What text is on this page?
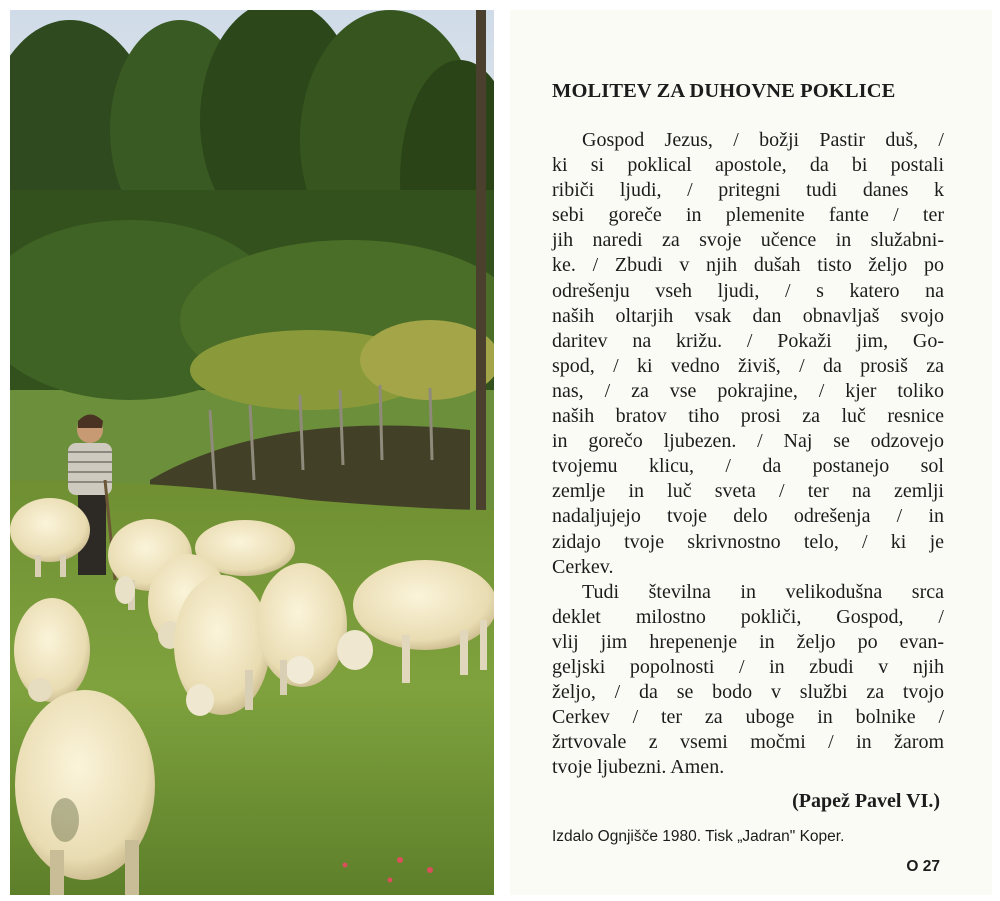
MOLITEV ZA DUHOVNE POKLICE
Gospod Jezus, / božji Pastir duš, /
ki si poklical apostole, da bi postali
ribiči ljudi, / pritegni tudi danes k
sebi goreče in plemenite fante / ter
jih naredi za svoje učence in služabni-
ke. / Zbudi v njih dušah tisto željo po
odrešenju vseh ljudi, / s katero na
naših oltarjih vsak dan obnavljaš svojo
daritev na križu. / Pokaži jim, Go-
spod, / ki vedno živiš, / da prosiš za
nas, / za vse pokrajine, / kjer toliko
naših bratov tiho prosi za luč resnice
in gorečo ljubezen. / Naj se odzovejo
tvojemu klicu, / da postanejo sol
zemlje in luč sveta / ter na zemlji
nadaljujejo tvoje delo odrešenja / in
zidajo tvoje skrivnostno telo, / ki je
Cerkev.
Tudi številna in velikodušna srca
deklet milostno pokliči, Gospod, /
vlij jim hrepenenje in željo po evan-
geljski popolnosti / in zbudi v njih
željo, / da se bodo v službi za tvojo
Cerkev / ter za uboge in bolnike /
žrtvovale z vsemi močmi / in žarom
tvoje ljubezni. Amen.
(Papež Pavel VI.)
Izdalo Ognjišče 1980. Tisk „Jadran" Koper.
O 27
